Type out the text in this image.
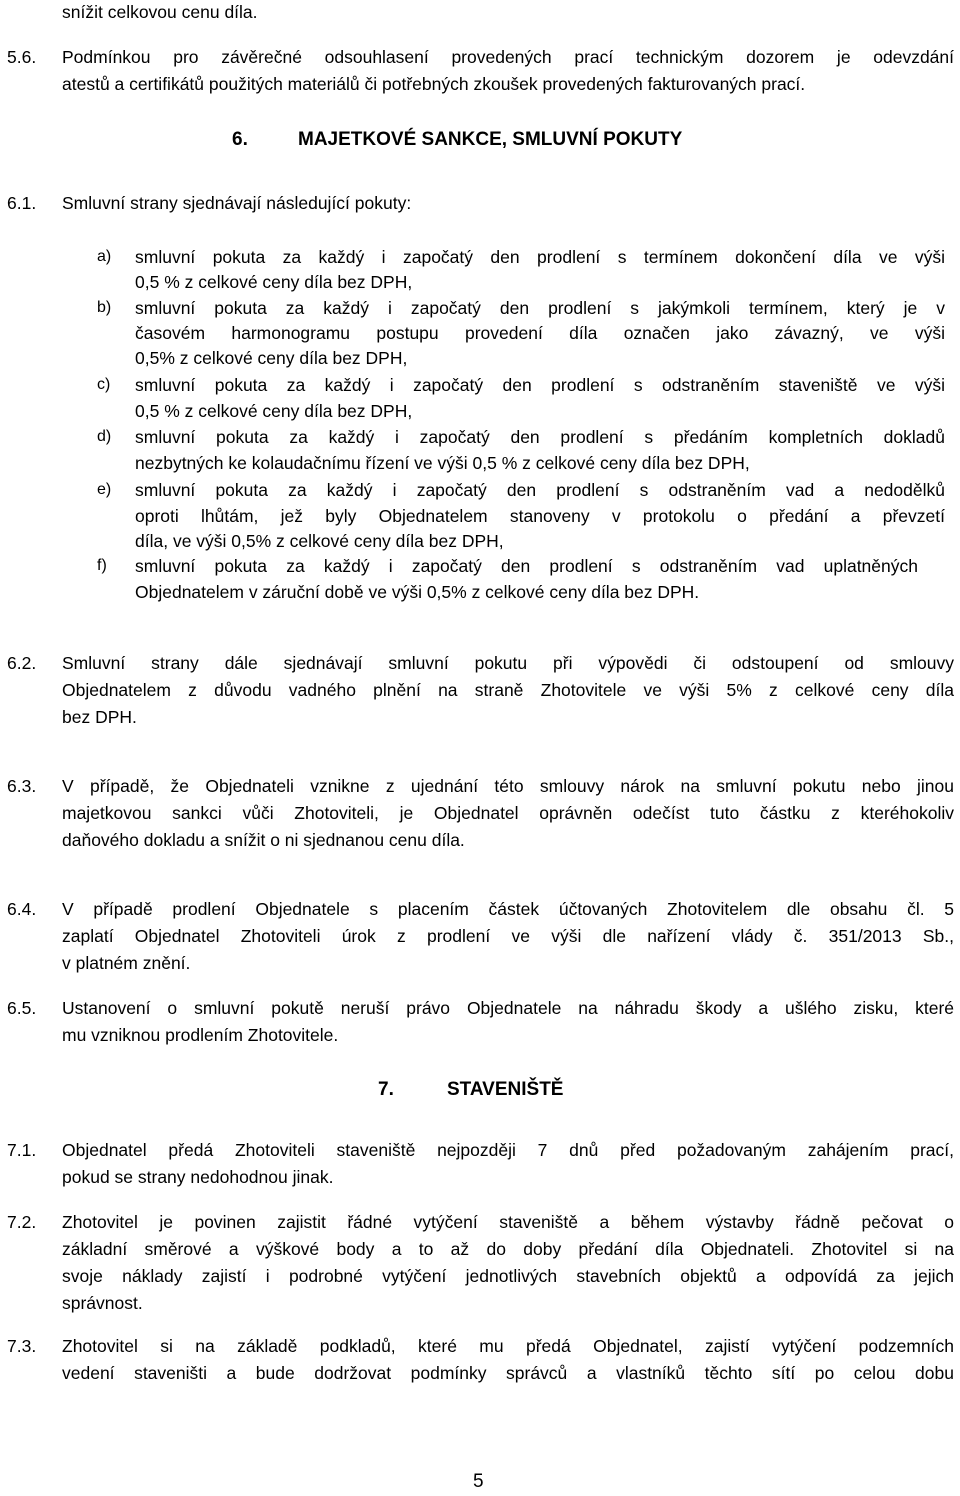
snížit celkovou cenu díla.
5.6. Podmínkou pro závěrečné odsouhlasení provedených prací technickým dozorem je odevzdání
atestů a certifikátů použitých materiálů či potřebných zkoušek provedených fakturovaných prací.
6.	MAJETKOVÉ SANKCE, SMLUVNÍ POKUTY
6.1. Smluvní strany sjednávají následující pokuty:
a) smluvní pokuta za každý i započatý den prodlení s termínem dokončení díla ve výši
0,5 % z celkové ceny díla bez DPH,
b) smluvní pokuta za každý i započatý den prodlení s jakýmkoli termínem, který je v
časovém harmonogramu postupu provedení díla označen jako závazný, ve výši
0,5% z celkové ceny díla bez DPH,
c) smluvní pokuta za každý i započatý den prodlení s odstraněním staveniště ve výši
0,5 % z celkové ceny díla bez DPH,
d) smluvní pokuta za každý i započatý den prodlení s předáním kompletních dokladů
nezbytných ke kolaudačnímu řízení ve výši 0,5 % z celkové ceny díla bez DPH,
e) smluvní pokuta za každý i započatý den prodlení s odstraněním vad a nedodělků
oproti lhůtám, jež byly Objednatelem stanoveny v protokolu o předání a převzetí
díla, ve výši 0,5% z celkové ceny díla bez DPH,
f) smluvní pokuta za každý i započatý den prodlení s odstraněním vad uplatněných
Objednatelem v záruční době ve výši 0,5% z celkové ceny díla bez DPH.
6.2. Smluvní strany dále sjednávají smluvní pokutu při výpovědi či odstoupení od smlouvy
Objednatelem z důvodu vadného plnění na straně Zhotovitele ve výši 5% z celkové ceny díla
bez DPH.
6.3. V případě, že Objednateli vznikne z ujednání této smlouvy nárok na smluvní pokutu nebo jinou
majetkovou sankci vůči Zhotoviteli, je Objednatel oprávněn odečíst tuto částku z kteréhokoliv
daňového dokladu a snížit o ni sjednanou cenu díla.
6.4. V případě prodlení Objednatele s placením částek účtovaných Zhotovitelem dle obsahu čl. 5
zaplatí Objednatel Zhotoviteli úrok z prodlení ve výši dle nařízení vlády č. 351/2013 Sb.,
v platném znění.
6.5. Ustanovení o smluvní pokutě neruší právo Objednatele na náhradu škody a ušlého zisku, které
mu vzniknou prodlením Zhotovitele.
7.	STAVENIŠTĚ
7.1. Objednatel předá Zhotoviteli staveniště nejpozději 7 dnů před požadovaným zahájením prací,
pokud se strany nedohodnou jinak.
7.2. Zhotovitel je povinen zajistit řádné vytýčení staveniště a během výstavby řádně pečovat o
základní směrové a výškové body a to až do doby předání díla Objednateli. Zhotovitel si na
svoje náklady zajistí i podrobné vytýčení jednotlivých stavebních objektů a odpovídá za jejich
správnost.
7.3. Zhotovitel si na základě podkladů, které mu předá Objednatel, zajistí vytýčení podzemních
vedení staveništi a bude dodržovat podmínky správců a vlastníků těchto sítí po celou dobu
5
